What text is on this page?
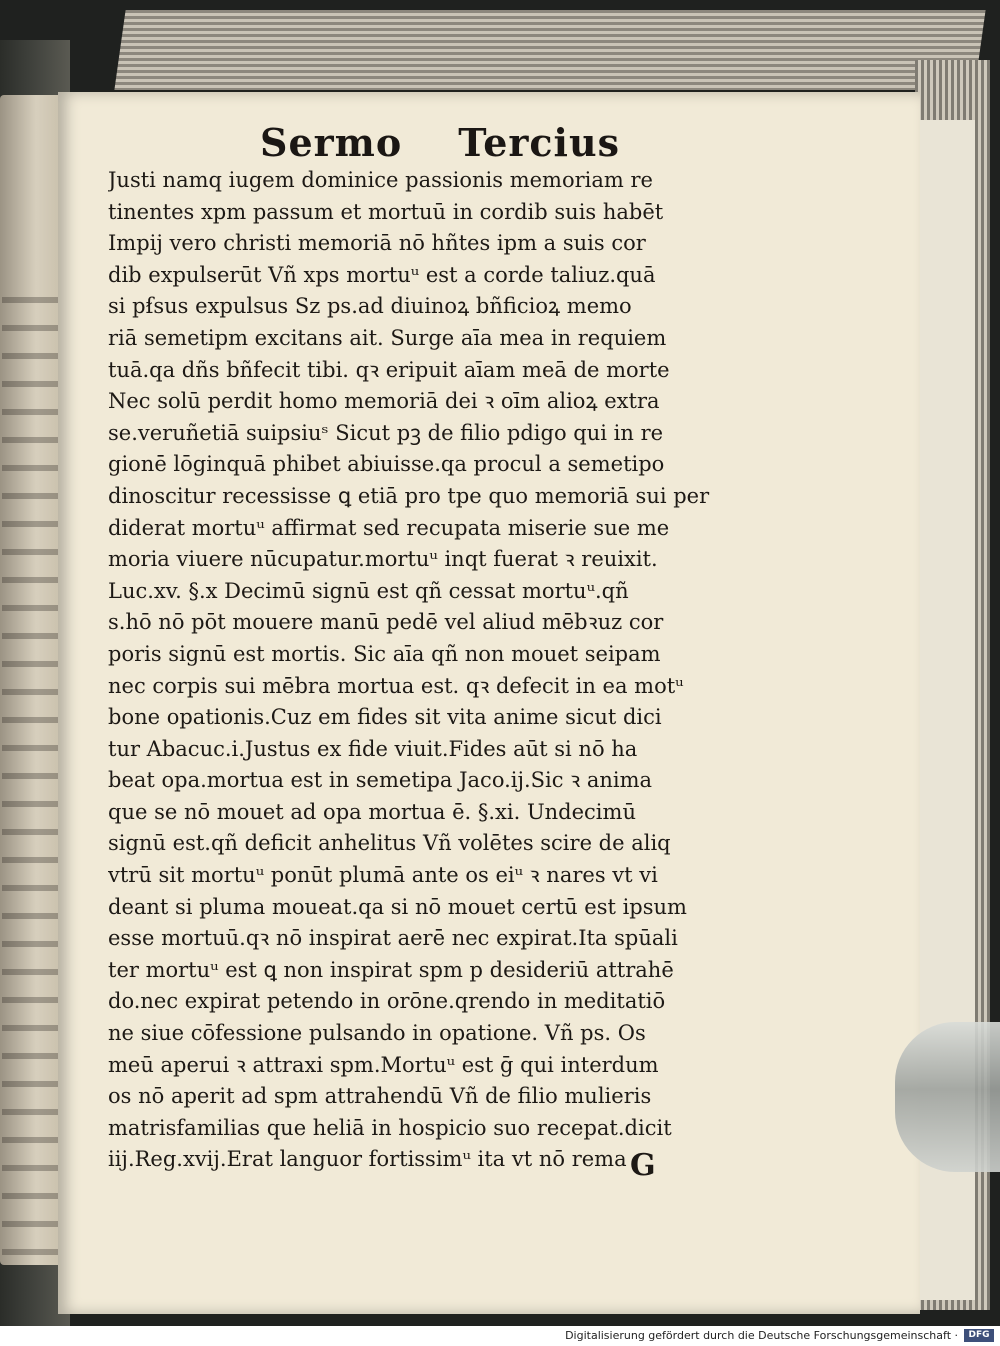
Sermo Tercius
Justi namq iugem dominice passionis memoriam re
tinentes xpm passum et mortuū in cordib suis habēt
Impij vero christi memoriā nō hñtes ipm a suis cor
dib expulserūt Vñ xps mortuᵘ est a corde taliuz.quā
si pẜsus expulsus Sz ps.ad diuinoꝝ bñficioꝝ memo
riā semetipm excitans ait. Surge aīa mea in requiem
tuā.qa dñs bñfecit tibi. qꝛ eripuit aīam meā de morte
Nec solū perdit homo memoriā dei ꝛ oīm alioꝝ extra
se.veruñetiā suipsiuˢ Sicut pꝫ de filio pdigo qui in re
gionē lōginquā phibet abiuisse.qa procul a semetipo
dinoscitur recessisse ꝗ etiā pro tpe quo memoriā sui per
diderat mortuᵘ affirmat sed recupata miserie sue me
moria viuere nūcupatur.mortuᵘ inqt fuerat ꝛ reuixit.
Luc.xv. §.x Decimū signū est qñ cessat mortuᵘ.qñ
s.hō nō pōt mouere manū pedē vel aliud mēbꝛuz cor
poris signū est mortis. Sic aīa qñ non mouet seipam
nec corpis sui mēbra mortua est. qꝛ defecit in ea motᵘ
bone opationis.Cuz em fides sit vita anime sicut dici
tur Abacuc.i.Justus ex fide viuit.Fides aūt si nō ha
beat opa.mortua est in semetipa Jaco.ij.Sic ꝛ anima
que se nō mouet ad opa mortua ē. §.xi. Undecimū
signū est.qñ deficit anhelitus Vñ volētes scire de aliq
vtrū sit mortuᵘ ponūt plumā ante os eiᵘ ꝛ nares vt vi
deant si pluma moueat.qa si nō mouet certū est ipsum
esse mortuū.qꝛ nō inspirat aerē nec expirat.Ita spūali
ter mortuᵘ est ꝗ non inspirat spm p desideriū attrahē
do.nec expirat petendo in orōne.qrendo in meditatiō
ne siue cōfessione pulsando in opatione. Vñ ps. Os
meū aperui ꝛ attraxi spm.Mortuᵘ est ḡ qui interdum
os nō aperit ad spm attrahendū Vñ de filio mulieris
matrisfamilias que heliā in hospicio suo recepat.dicit
iij.Reg.xvij.Erat languor fortissimᵘ ita vt nō rema G
Digitalisierung gefördert durch die Deutsche Forschungsgemeinschaft ·	DFG
